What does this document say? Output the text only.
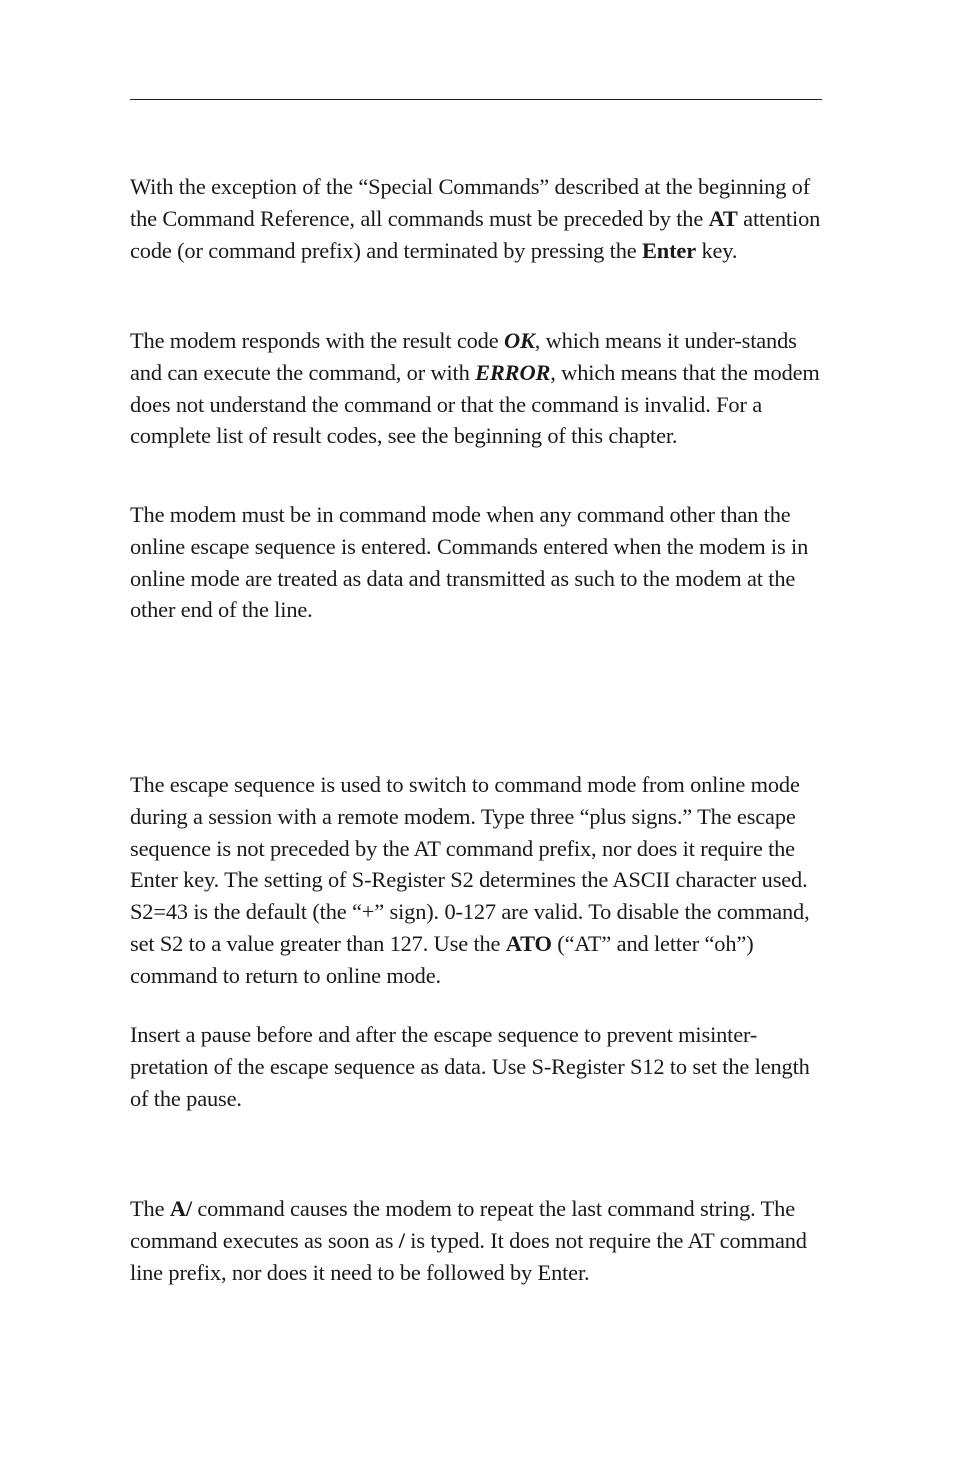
With the exception of the “Special Commands” described at the beginning of the Command Reference, all commands must be preceded by the AT attention code (or command prefix) and terminated by pressing the Enter key.

The modem responds with the result code OK, which means it under-stands and can execute the command, or with ERROR, which means that the modem does not understand the command or that the command is invalid. For a complete list of result codes, see the beginning of this chapter.

The modem must be in command mode when any command other than the online escape sequence is entered. Commands entered when the modem is in online mode are treated as data and transmitted as such to the modem at the other end of the line.

The escape sequence is used to switch to command mode from online mode during a session with a remote modem. Type three “plus signs.” The escape sequence is not preceded by the AT command prefix, nor does it require the Enter key. The setting of S-Register S2 determines the ASCII character used. S2=43 is the default (the “+” sign). 0-127 are valid. To disable the command, set S2 to a value greater than 127. Use the ATO (“AT” and letter “oh”) command to return to online mode.

Insert a pause before and after the escape sequence to prevent misinter-pretation of the escape sequence as data. Use S-Register S12 to set the length of the pause.

The A/ command causes the modem to repeat the last command string. The command executes as soon as / is typed. It does not require the AT command line prefix, nor does it need to be followed by Enter.
